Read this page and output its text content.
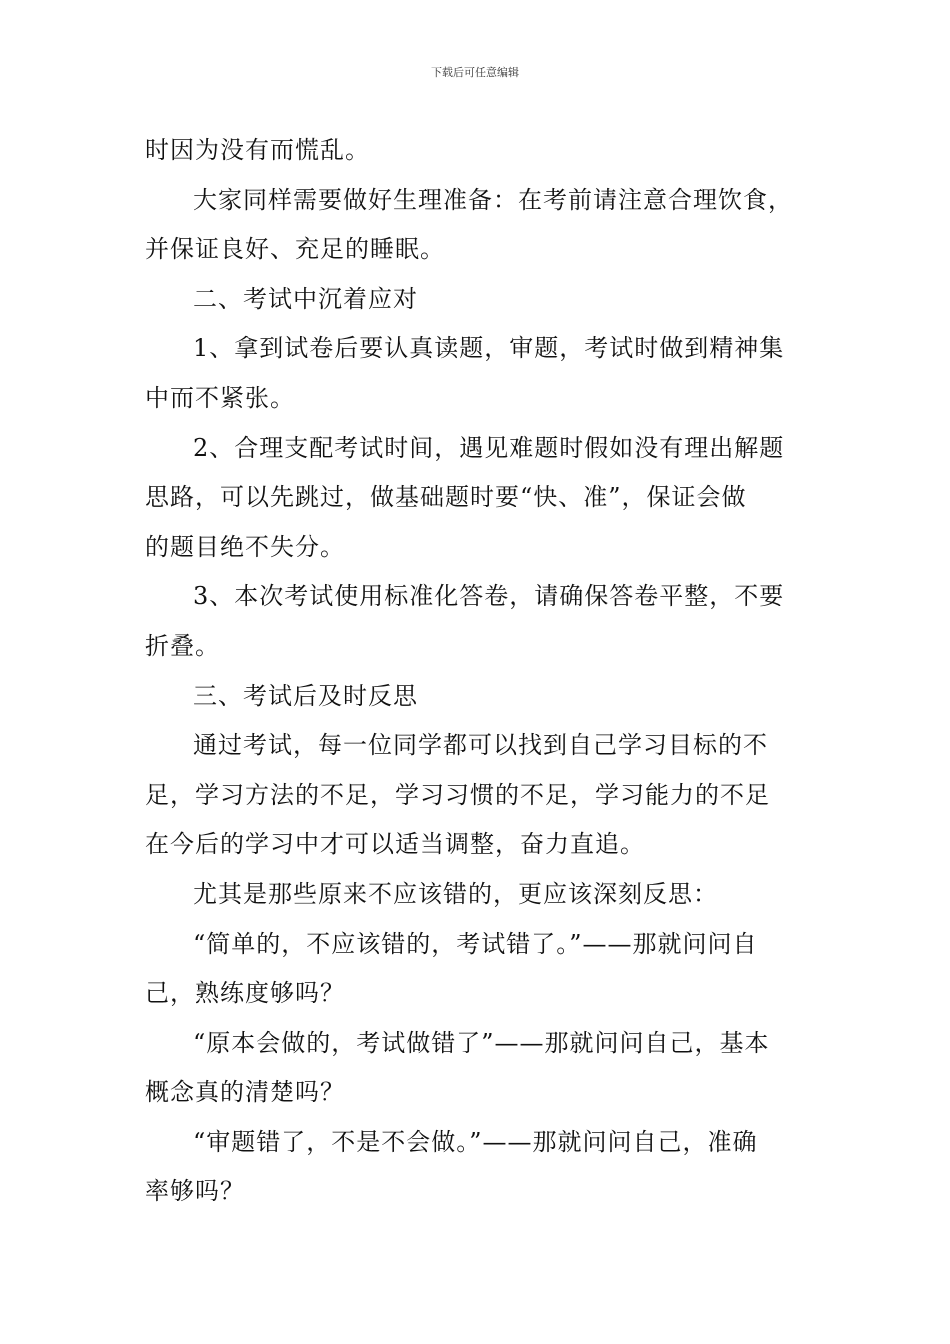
下载后可任意编辑
时因为没有而慌乱。
大家同样需要做好生理准备：在考前请注意合理饮食，
并保证良好、充足的睡眠。
二、考试中沉着应对
1、拿到试卷后要认真读题，审题，考试时做到精神集
中而不紧张。
2、合理支配考试时间，遇见难题时假如没有理出解题
思路，可以先跳过，做基础题时要“快、准”，保证会做
的题目绝不失分。
3、本次考试使用标准化答卷，请确保答卷平整，不要
折叠。
三、考试后及时反思
通过考试，每一位同学都可以找到自己学习目标的不
足，学习方法的不足，学习习惯的不足，学习能力的不足
在今后的学习中才可以适当调整，奋力直追。
尤其是那些原来不应该错的，更应该深刻反思：
“简单的，不应该错的，考试错了。”——那就问问自
己，熟练度够吗？
“原本会做的，考试做错了”——那就问问自己，基本
概念真的清楚吗？
“审题错了，不是不会做。”——那就问问自己，准确
率够吗？
